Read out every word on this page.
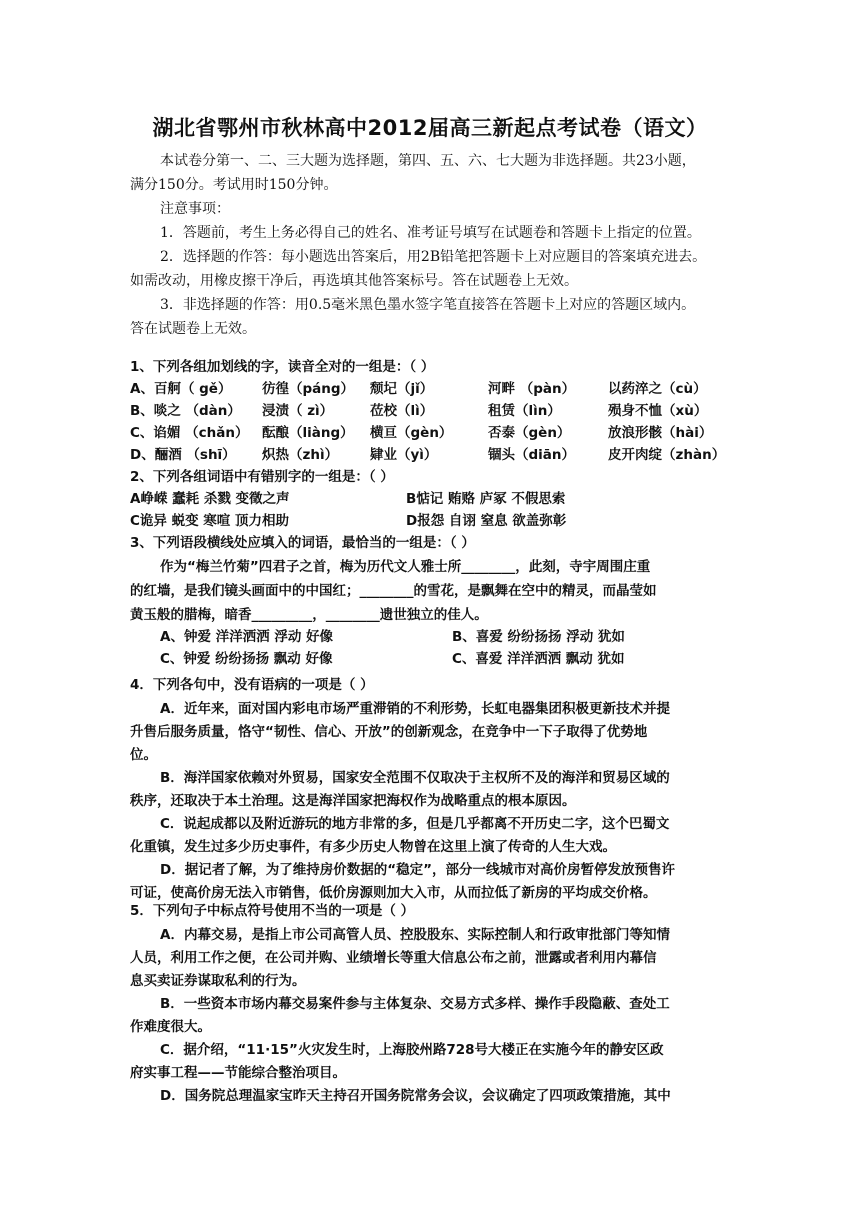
湖北省鄂州市秋林高中2012届高三新起点考试卷（语文）
本试卷分第一、二、三大题为选择题，第四、五、六、七大题为非选择题。共23小题，
满分150分。考试用时150分钟。
注意事项：
1．答题前，考生上务必得自己的姓名、准考证号填写在试题卷和答题卡上指定的位置。
2．选择题的作答：每小题选出答案后，用2B铅笔把答题卡上对应题目的答案填充进去。
如需改动，用橡皮擦干净后，再选填其他答案标号。答在试题卷上无效。
3．非选择题的作答：用0.5毫米黑色墨水签字笔直接答在答题卡上对应的答题区域内。
答在试题卷上无效。
1、下列各组加划线的字，读音全对的一组是：（ ）
A、百舸（ gě） 彷徨（páng） 颓圮（jǐ）	河畔 （pàn） 以药淬之（cù）
B、啖之 （dàn） 浸渍（ zì）	莅校（lì）	租赁（lìn）	殒身不恤（xù）
C、谄媚 （chǎn） 酝酿（liàng） 横亘（gèn）	否泰（gèn）	放浪形骸（hài）
D、酾酒 （shī） 炽热（zhì） 肄业（yì）	锢头（diān） 皮开肉绽（zhàn）
2、下列各组词语中有错别字的一组是：（ ）
A峥嵘 蠢耗 杀戮 变徵之声	B惦记 贿赂 庐冢 不假思索
C诡异 蜕变 寒喧 顶力相助	D报怨 自诩 窒息 欲盖弥彰
3、下列语段横线处应填入的词语，最恰当的一组是：（ ）
作为“梅兰竹菊”四君子之首，梅为历代文人雅士所________，此刻，寺宇周围庄重
的红墙，是我们镜头画面中的中国红；________的雪花，是飘舞在空中的精灵，而晶莹如
黄玉般的腊梅，暗香_________，________遗世独立的佳人。
A、钟爱 洋洋洒洒 浮动 好像	B、喜爱 纷纷扬扬 浮动 犹如
C、钟爱 纷纷扬扬 飘动 好像	C、喜爱 洋洋洒洒 飘动 犹如
4．下列各句中，没有语病的一项是（ ）
A．近年来，面对国内彩电市场严重滞销的不利形势，长虹电器集团积极更新技术并提
升售后服务质量，恪守“韧性、信心、开放”的创新观念，在竞争中一下子取得了优势地
位。
B．海洋国家依赖对外贸易，国家安全范围不仅取决于主权所不及的海洋和贸易区域的
秩序，还取决于本土治理。这是海洋国家把海权作为战略重点的根本原因。
C．说起成都以及附近游玩的地方非常的多，但是几乎都离不开历史二字，这个巴蜀文
化重镇，发生过多少历史事件，有多少历史人物曾在这里上演了传奇的人生大戏。
D．据记者了解，为了维持房价数据的“稳定”，部分一线城市对高价房暂停发放预售许
可证，使高价房无法入市销售，低价房源则加大入市，从而拉低了新房的平均成交价格。
5．下列句子中标点符号使用不当的一项是（ ）
A．内幕交易，是指上市公司高管人员、控股股东、实际控制人和行政审批部门等知情
人员，利用工作之便，在公司并购、业绩增长等重大信息公布之前，泄露或者利用内幕信
息买卖证券谋取私利的行为。
B．一些资本市场内幕交易案件参与主体复杂、交易方式多样、操作手段隐蔽、查处工
作难度很大。
C．据介绍，“11·15”火灾发生时，上海胶州路728号大楼正在实施今年的静安区政
府实事工程——节能综合整治项目。
D．国务院总理温家宝昨天主持召开国务院常务会议，会议确定了四项政策措施，其中
